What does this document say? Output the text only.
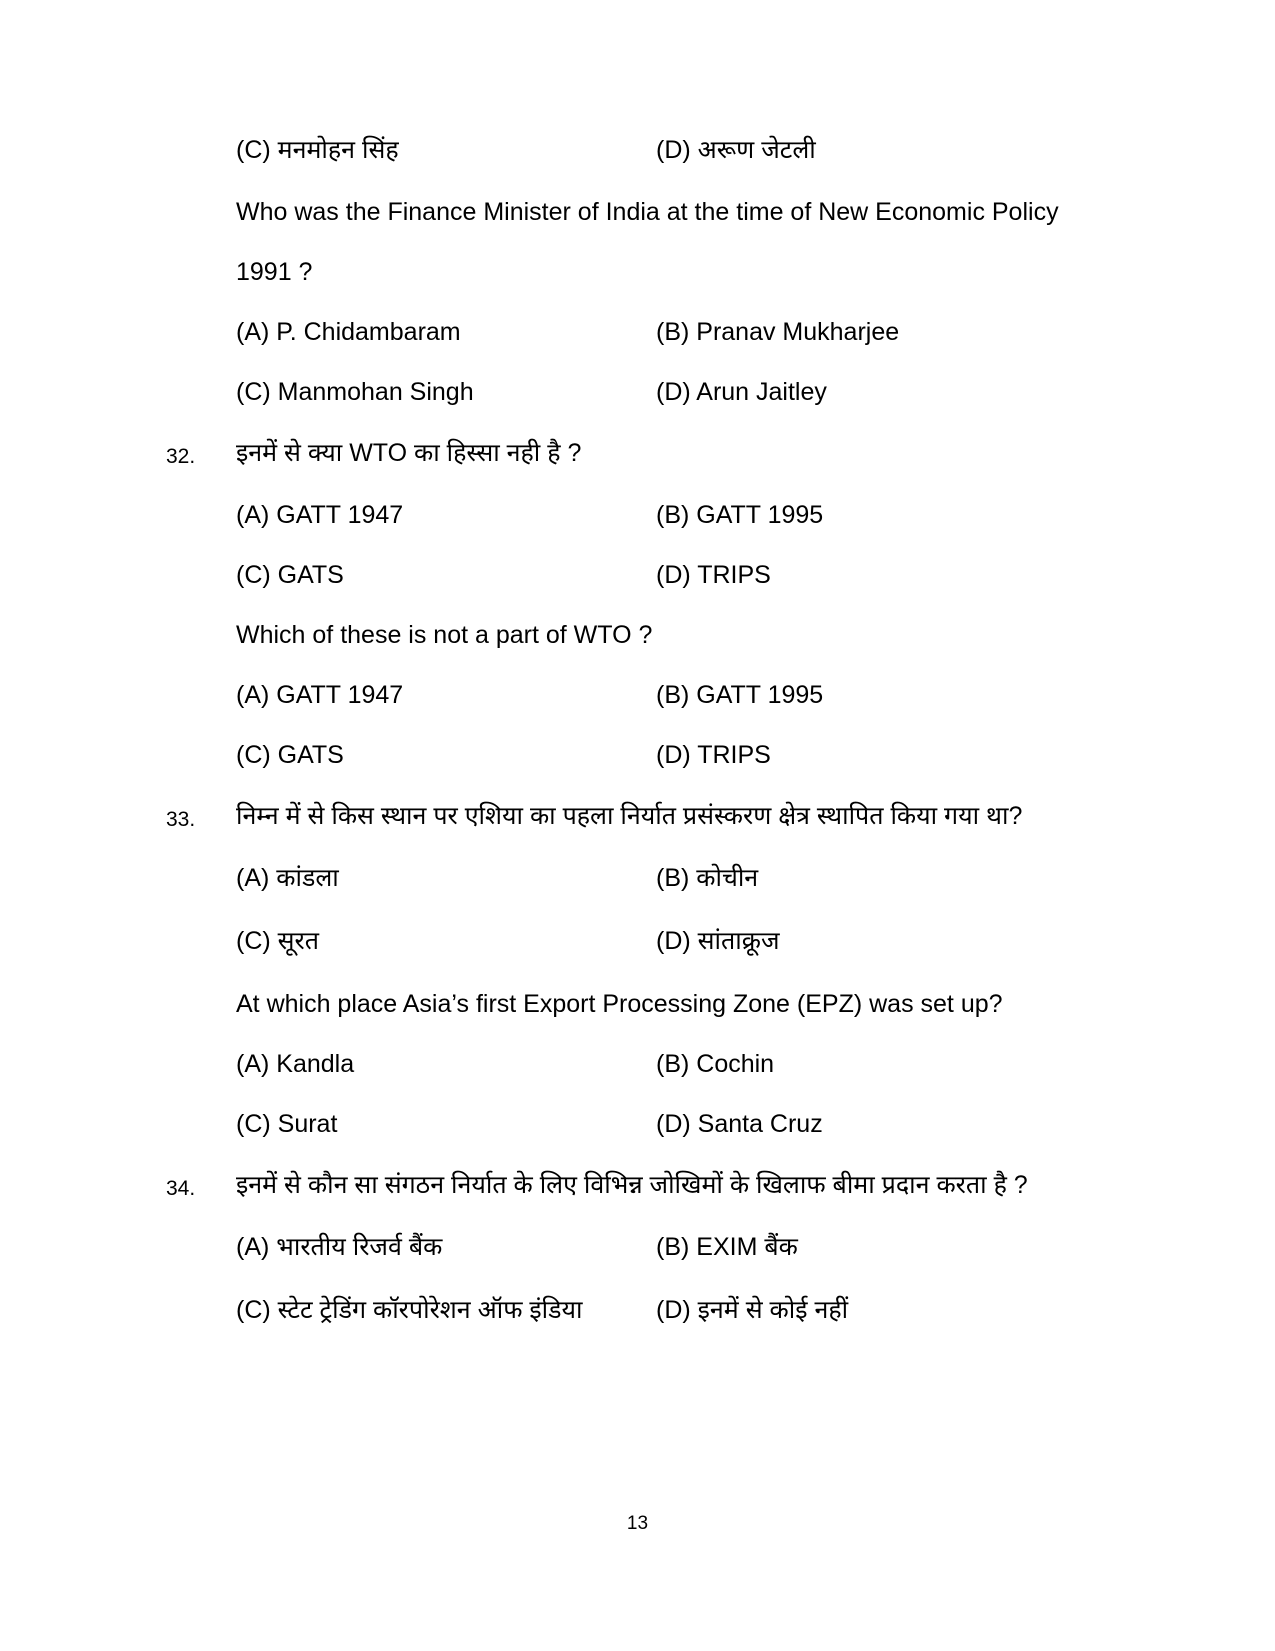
(C) मनमोहन सिंह	(D) अरूण जेटली
Who was the Finance Minister of India at the time of New Economic Policy
1991 ?
(A) P. Chidambaram	(B) Pranav Mukharjee
(C) Manmohan Singh	(D) Arun Jaitley
32. इनमें से क्या WTO का हिस्सा नही है ?
(A) GATT 1947	(B) GATT 1995
(C) GATS	(D) TRIPS
Which of these is not a part of WTO ?
(A) GATT 1947	(B) GATT 1995
(C) GATS	(D) TRIPS
33. निम्न में से किस स्थान पर एशिया का पहला निर्यात प्रसंस्करण क्षेत्र स्थापित किया गया था?
(A) कांडला	(B) कोचीन
(C) सूरत	(D) सांताक्रूज
At which place Asia’s first Export Processing Zone (EPZ) was set up?
(A) Kandla	(B) Cochin
(C) Surat	(D) Santa Cruz
34. इनमें से कौन सा संगठन निर्यात के लिए विभिन्न जोखिमों के खिलाफ बीमा प्रदान करता है ?
(A) भारतीय रिजर्व बैंक	(B) EXIM बैंक
(C) स्टेट ट्रेडिंग कॉरपोरेशन ऑफ इंडिया	(D) इनमें से कोई नहीं
13
